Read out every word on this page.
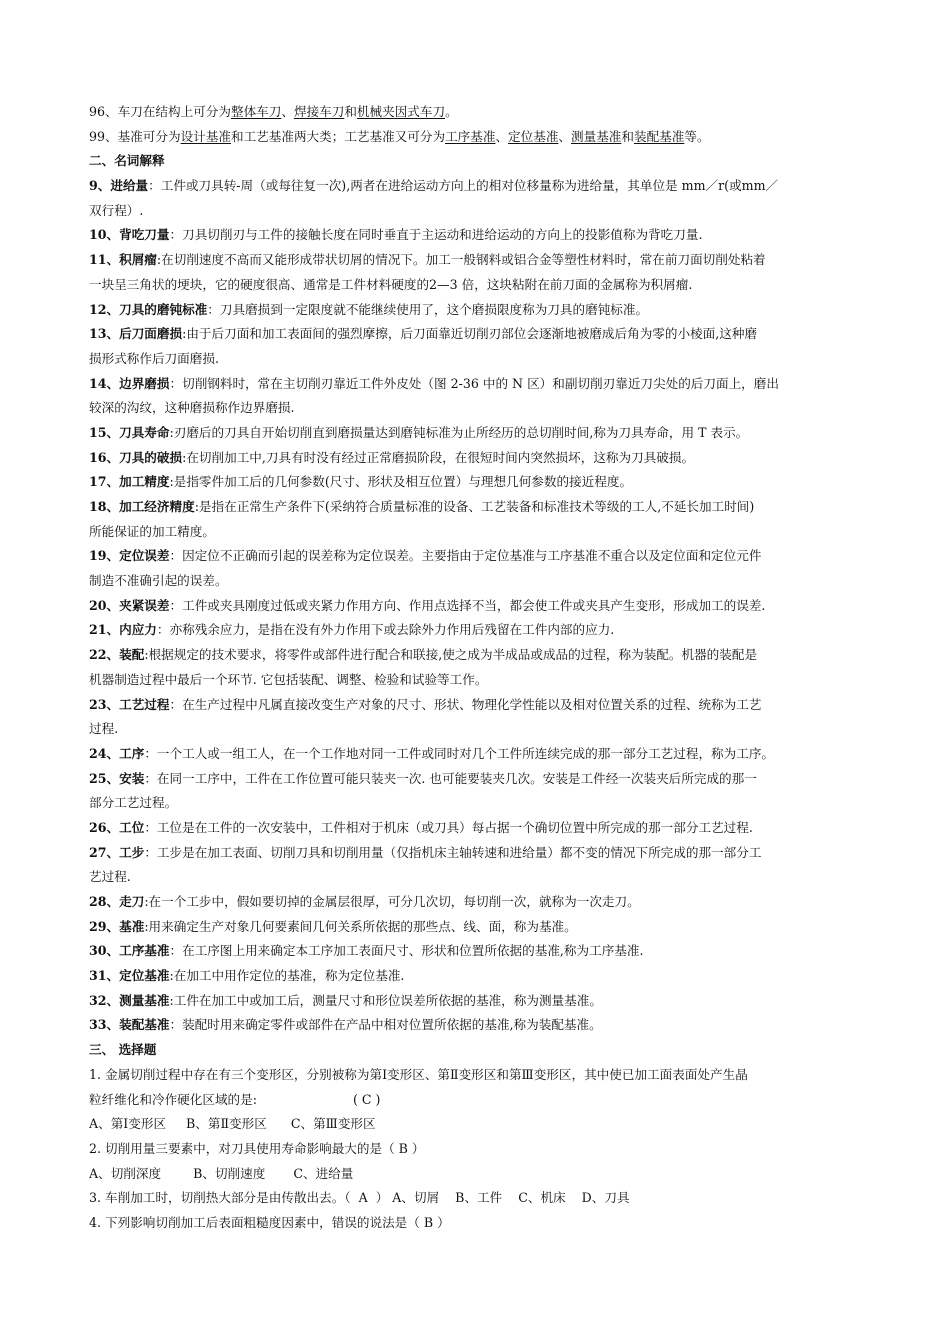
96、车刀在结构上可分为整体车刀、焊接车刀和机械夹因式车刀。
99、基准可分为设计基准和工艺基准两大类；工艺基准又可分为工序基准、定位基准、测量基准和装配基准等。
二、名词解释
9、进给量：工件或刀具转-周（或每往复一次),两者在进给运动方向上的相对位移量称为进给量，其单位是 mm／r(或mm／
双行程）.
10、背吃刀量：刀具切削刃与工件的接触长度在同时垂直于主运动和进给运动的方向上的投影值称为背吃刀量.
11、积屑瘤:在切削速度不高而又能形成带状切屑的情况下。加工一般钢料或铝合金等塑性材料时，常在前刀面切削处粘着
一块呈三角状的埂块，它的硬度很高、通常是工件材料硬度的2—3 倍，这块粘附在前刀面的金属称为积屑瘤.
12、刀具的磨钝标准：刀具磨损到一定限度就不能继续使用了，这个磨损限度称为刀具的磨钝标准。
13、后刀面磨损:由于后刀面和加工表面间的强烈摩擦，后刀面靠近切削刃部位会逐渐地被磨成后角为零的小棱面,这种磨
损形式称作后刀面磨损.
14、边界磨损：切削钢料时，常在主切削刃靠近工件外皮处（图 2-36 中的 N 区）和副切削刃靠近刀尖处的后刀面上，磨出
较深的沟纹，这种磨损称作边界磨损.
15、刀具寿命:刃磨后的刀具自开始切削直到磨损量达到磨钝标准为止所经历的总切削时间,称为刀具寿命，用 T 表示。
16、刀具的破损:在切削加工中,刀具有时没有经过正常磨损阶段，在很短时间内突然损坏，这称为刀具破损。
17、加工精度:是指零件加工后的几何参数(尺寸、形状及相互位置）与理想几何参数的接近程度。
18、加工经济精度:是指在正常生产条件下(采纳符合质量标准的设备、工艺装备和标准技术等级的工人,不延长加工时间)
所能保证的加工精度。
19、定位误差：因定位不正确而引起的误差称为定位误差。主要指由于定位基准与工序基准不重合以及定位面和定位元件
制造不准确引起的误差。
20、夹紧误差：工件或夹具刚度过低或夹紧力作用方向、作用点选择不当，都会使工件或夹具产生变形，形成加工的误差.
21、内应力：亦称残余应力，是指在没有外力作用下或去除外力作用后残留在工件内部的应力.
22、装配:根据规定的技术要求，将零件或部件进行配合和联接,使之成为半成品或成品的过程，称为装配。机器的装配是
机器制造过程中最后一个环节. 它包括装配、调整、检验和试验等工作。
23、工艺过程：在生产过程中凡属直接改变生产对象的尺寸、形状、物理化学性能以及相对位置关系的过程、统称为工艺
过程.
24、工序：一个工人或一组工人，在一个工作地对同一工件或同时对几个工件所连续完成的那一部分工艺过程，称为工序。
25、安装：在同一工序中，工件在工作位置可能只装夹一次. 也可能要装夹几次。安装是工件经一次装夹后所完成的那一
部分工艺过程。
26、工位：工位是在工件的一次安装中，工件相对于机床（或刀具）每占据一个确切位置中所完成的那一部分工艺过程.
27、工步：工步是在加工表面、切削刀具和切削用量（仅指机床主轴转速和进给量）都不变的情况下所完成的那一部分工
艺过程.
28、走刀:在一个工步中，假如要切掉的金属层很厚，可分几次切，每切削一次，就称为一次走刀。
29、基准:用来确定生产对象几何要素间几何关系所依据的那些点、线、面，称为基准。
30、工序基准：在工序图上用来确定本工序加工表面尺寸、形状和位置所依据的基准,称为工序基准.
31、定位基准:在加工中用作定位的基准，称为定位基准.
32、测量基准:工件在加工中或加工后，测量尺寸和形位误差所依据的基准，称为测量基准。
33、装配基准：装配时用来确定零件或部件在产品中相对位置所依据的基准,称为装配基准。
三、 选择题
1. 金属切削过程中存在有三个变形区，分别被称为第Ⅰ变形区、第Ⅱ变形区和第Ⅲ变形区，其中使已加工面表面处产生晶
粒纤维化和冷作硬化区域的是:	( C )
A、第Ⅰ变形区     B、第Ⅱ变形区      C、第Ⅲ变形区
2. 切削用量三要素中，对刀具使用寿命影响最大的是（ B ）
A、切削深度        B、切削速度       C、进给量
3. 车削加工时，切削热大部分是由传散出去。（  A  ） A、切屑    B、工件    C、机床    D、刀具
4. 下列影响切削加工后表面粗糙度因素中，错误的说法是（ B ）
